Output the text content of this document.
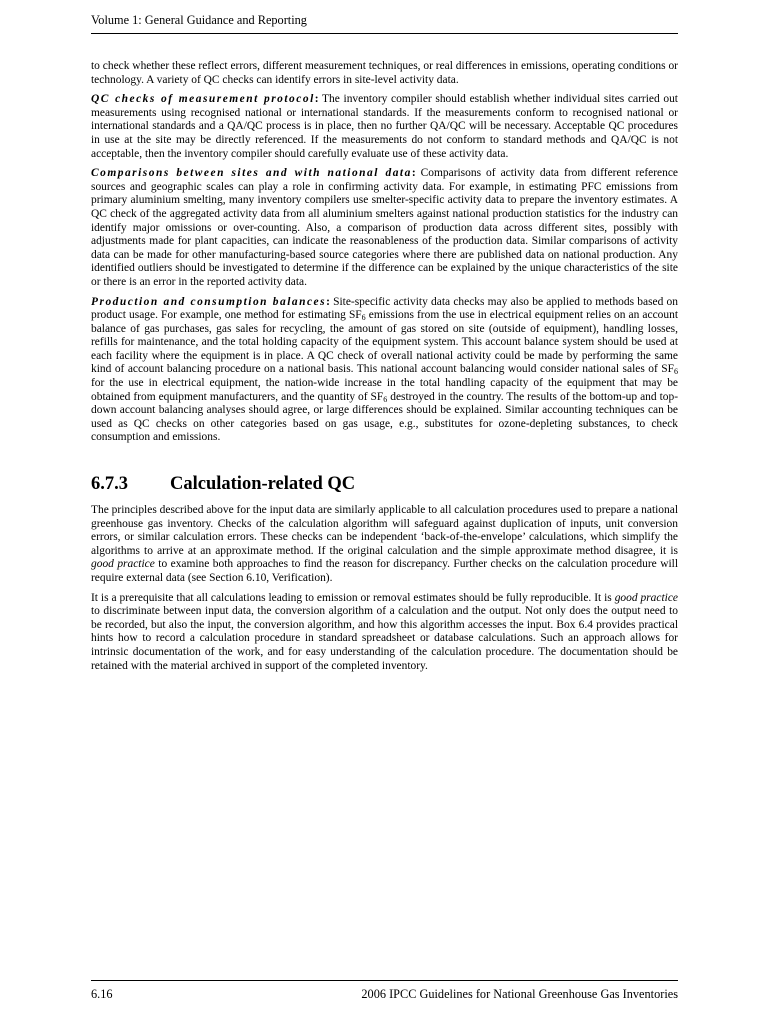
Volume 1: General Guidance and Reporting

to check whether these reflect errors, different measurement techniques, or real differences in emissions, operating conditions or technology. A variety of QC checks can identify errors in site-level activity data.

QC checks of measurement protocol: The inventory compiler should establish whether individual sites carried out measurements using recognised national or international standards. If the measurements conform to recognised national or international standards and a QA/QC process is in place, then no further QA/QC will be necessary. Acceptable QC procedures in use at the site may be directly referenced. If the measurements do not conform to standard methods and QA/QC is not acceptable, then the inventory compiler should carefully evaluate use of these activity data.

Comparisons between sites and with national data: Comparisons of activity data from different reference sources and geographic scales can play a role in confirming activity data. For example, in estimating PFC emissions from primary aluminium smelting, many inventory compilers use smelter-specific activity data to prepare the inventory estimates. A QC check of the aggregated activity data from all aluminium smelters against national production statistics for the industry can identify major omissions or over-counting. Also, a comparison of production data across different sites, possibly with adjustments made for plant capacities, can indicate the reasonableness of the production data. Similar comparisons of activity data can be made for other manufacturing-based source categories where there are published data on national production. Any identified outliers should be investigated to determine if the difference can be explained by the unique characteristics of the site or there is an error in the reported activity data.

Production and consumption balances: Site-specific activity data checks may also be applied to methods based on product usage. For example, one method for estimating $SF_6$ emissions from the use in electrical equipment relies on an account balance of gas purchases, gas sales for recycling, the amount of gas stored on site (outside of equipment), handling losses, refills for maintenance, and the total holding capacity of the equipment system. This account balance system should be used at each facility where the equipment is in place. A QC check of overall national activity could be made by performing the same kind of account balancing procedure on a national basis. This national account balancing would consider national sales of $SF_6$ for the use in electrical equipment, the nation-wide increase in the total handling capacity of the equipment that may be obtained from equipment manufacturers, and the quantity of $SF_6$ destroyed in the country. The results of the bottom-up and top-down account balancing analyses should agree, or large differences should be explained. Similar accounting techniques can be used as QC checks on other categories based on gas usage, e.g., substitutes for ozone-depleting substances, to check consumption and emissions.

6.7.3 Calculation-related QC

The principles described above for the input data are similarly applicable to all calculation procedures used to prepare a national greenhouse gas inventory. Checks of the calculation algorithm will safeguard against duplication of inputs, unit conversion errors, or similar calculation errors. These checks can be independent ‘back-of-the-envelope’ calculations, which simplify the algorithms to arrive at an approximate method. If the original calculation and the simple approximate method disagree, it is good practice to examine both approaches to find the reason for discrepancy. Further checks on the calculation procedure will require external data (see Section 6.10, Verification).

It is a prerequisite that all calculations leading to emission or removal estimates should be fully reproducible. It is good practice to discriminate between input data, the conversion algorithm of a calculation and the output. Not only does the output need to be recorded, but also the input, the conversion algorithm, and how this algorithm accesses the input. Box 6.4 provides practical hints how to record a calculation procedure in standard spreadsheet or database calculations. Such an approach allows for intrinsic documentation of the work, and for easy understanding of the calculation procedure. The documentation should be retained with the material archived in support of the completed inventory.

6.16	2006 IPCC Guidelines for National Greenhouse Gas Inventories
